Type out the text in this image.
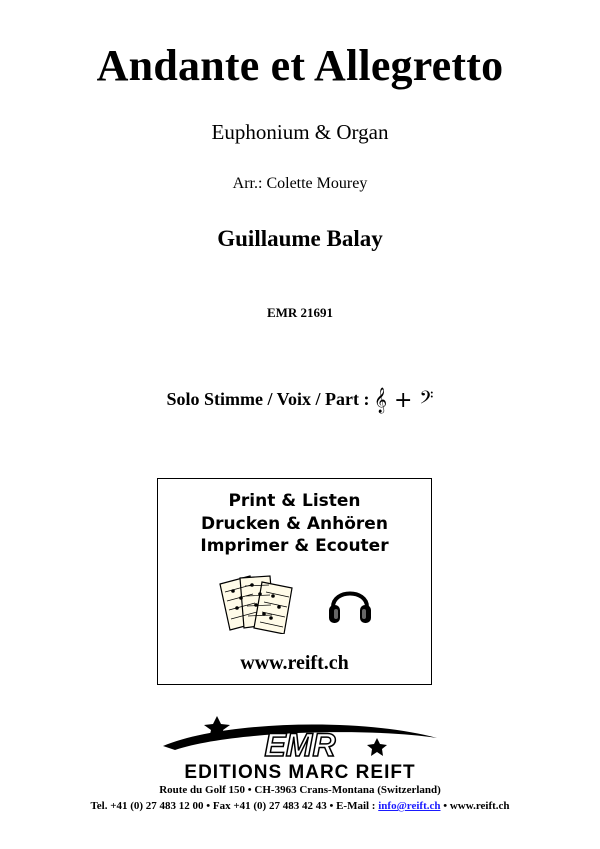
Andante et Allegretto
Euphonium & Organ
Arr.: Colette Mourey
Guillaume Balay
EMR 21691
Solo Stimme / Voix / Part : 𝄞 + 𝄢
Print & Listen
Drucken & Anhören
Imprimer & Ecouter
www.reift.ch
EMR
EDITIONS MARC REIFT
Route du Golf 150 • CH-3963 Crans-Montana (Switzerland)
Tel. +41 (0) 27 483 12 00 • Fax +41 (0) 27 483 42 43 • E-Mail : info@reift.ch • www.reift.ch
